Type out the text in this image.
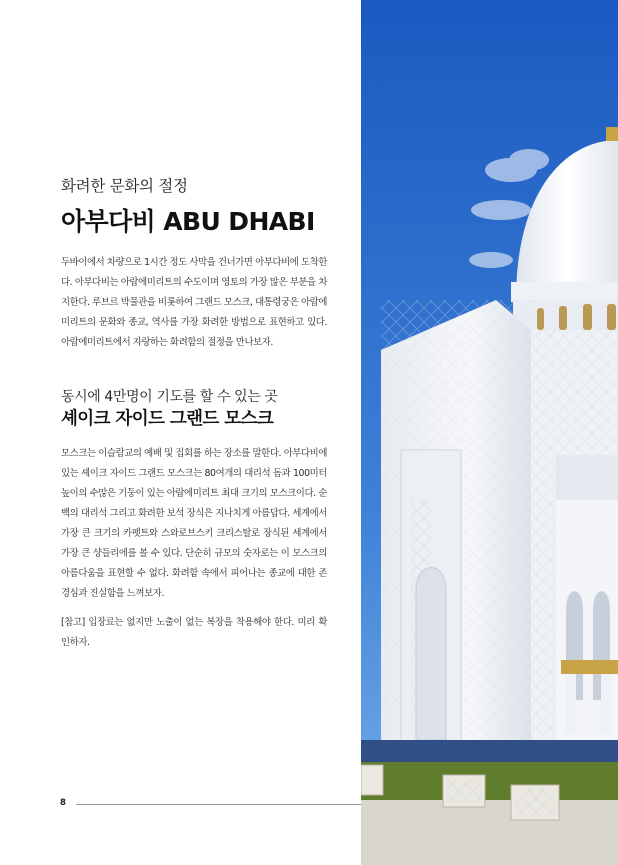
화려한 문화의 절정
아부다비 ABU DHABI

두바이에서 차량으로 1시간 정도 사막을 건너가면 아부다비에 도착한다. 아부다비는 아랍에미리트의 수도이며 영토의 가장 많은 부분을 차지한다. 루브르 박물관을 비롯하여 그랜드 모스크, 대통령궁은 아랍에미리트의 문화와 종교, 역사를 가장 화려한 방법으로 표현하고 있다. 아랍에미리트에서 자랑하는 화려함의 절정을 만나보자.

동시에 4만명이 기도를 할 수 있는 곳
셰이크 자이드 그랜드 모스크

모스크는 이슬람교의 예배 및 집회를 하는 장소를 말한다. 아부다비에 있는 셰이크 자이드 그랜드 모스크는 80여개의 대리석 돔과 100미터 높이의 수많은 기둥이 있는 아랍에미리트 최대 크기의 모스크이다. 순백의 대리석 그리고 화려한 보석 장식은 지나치게 아름답다. 세계에서 가장 큰 크기의 카펫트와 스와로브스키 크리스탈로 장식된 세계에서 가장 큰 샹들리에를 볼 수 있다. 단순히 규모의 숫자로는 이 모스크의 아름다움을 표현할 수 없다. 화려함 속에서 피어나는 종교에 대한 존경심과 진실함을 느껴보자.

[참고] 입장료는 없지만 노출이 없는 복장을 착용해야 한다. 미리 확인하자.

8
